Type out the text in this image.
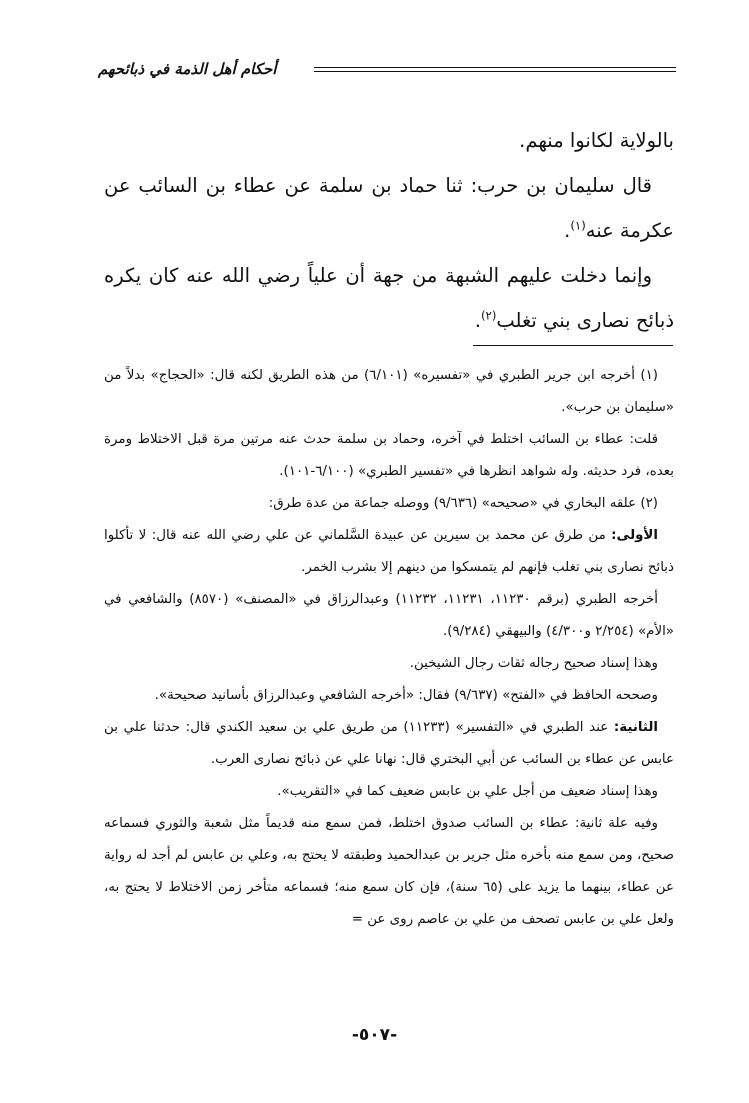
أحكام أهل الذمة في ذبائحهم

بالولاية لكانوا منهم.

قال سليمان بن حرب: ثنا حماد بن سلمة عن عطاء بن السائب عن عكرمة عنه$^{(١)}$.

وإنما دخلت عليهم الشبهة من جهة أن علياً رضي الله عنه كان يكره ذبائح نصارى بني تغلب$^{(٢)}$.

(١) أخرجه ابن جرير الطبري في «تفسيره» (٦/١٠١) من هذه الطريق لكنه قال: «الحجاج» بدلاً من «سليمان بن حرب».

قلت: عطاء بن السائب اختلط في آخره، وحماد بن سلمة حدث عنه مرتين مرة قبل الاختلاط ومرة بعده، فرد حديثه. وله شواهد انظرها في «تفسير الطبري» (٦/١٠٠-١٠١).

(٢) علقه البخاري في «صحيحه» (٩/٦٣٦) ووصله جماعة من عدة طرق:

الأولى: من طرق عن محمد بن سيرين عن عبيدة السَّلماني عن علي رضي الله عنه قال: لا تأكلوا ذبائح نصارى بني تغلب فإنهم لم يتمسكوا من دينهم إلا بشرب الخمر.

أخرجه الطبري (برقم ١١٢٣٠، ١١٢٣١، ١١٢٣٢) وعبدالرزاق في «المصنف» (٨٥٧٠) والشافعي في «الأم» (٢/٢٥٤ و٤/٣٠٠) والبيهقي (٩/٢٨٤).

وهذا إسناد صحيح رجاله ثقات رجال الشيخين.

وصححه الحافظ في «الفتح» (٩/٦٣٧) فقال: «أخرجه الشافعي وعبدالرزاق بأسانيد صحيحة».

الثانية: عند الطبري في «التفسير» (١١٢٣٣) من طريق علي بن سعيد الكندي قال: حدثنا علي بن عابس عن عطاء بن السائب عن أبي البختري قال: نهانا علي عن ذبائح نصارى العرب.

وهذا إسناد ضعيف من أجل علي بن عابس ضعيف كما في «التقريب».

وفيه علة ثانية: عطاء بن السائب صدوق اختلط، فمن سمع منه قديماً مثل شعبة والثوري فسماعه صحيح، ومن سمع منه بأخره مثل جرير بن عبدالحميد وطبقته لا يحتج به، وعلي بن عابس لم أجد له رواية عن عطاء، بينهما ما يزيد على (٦٥ سنة)، فإن كان سمع منه؛ فسماعه متأخر زمن الاختلاط لا يحتج به، ولعل علي بن عابس تصحف من علي بن عاصم روى عن =

-٥٠٧-
